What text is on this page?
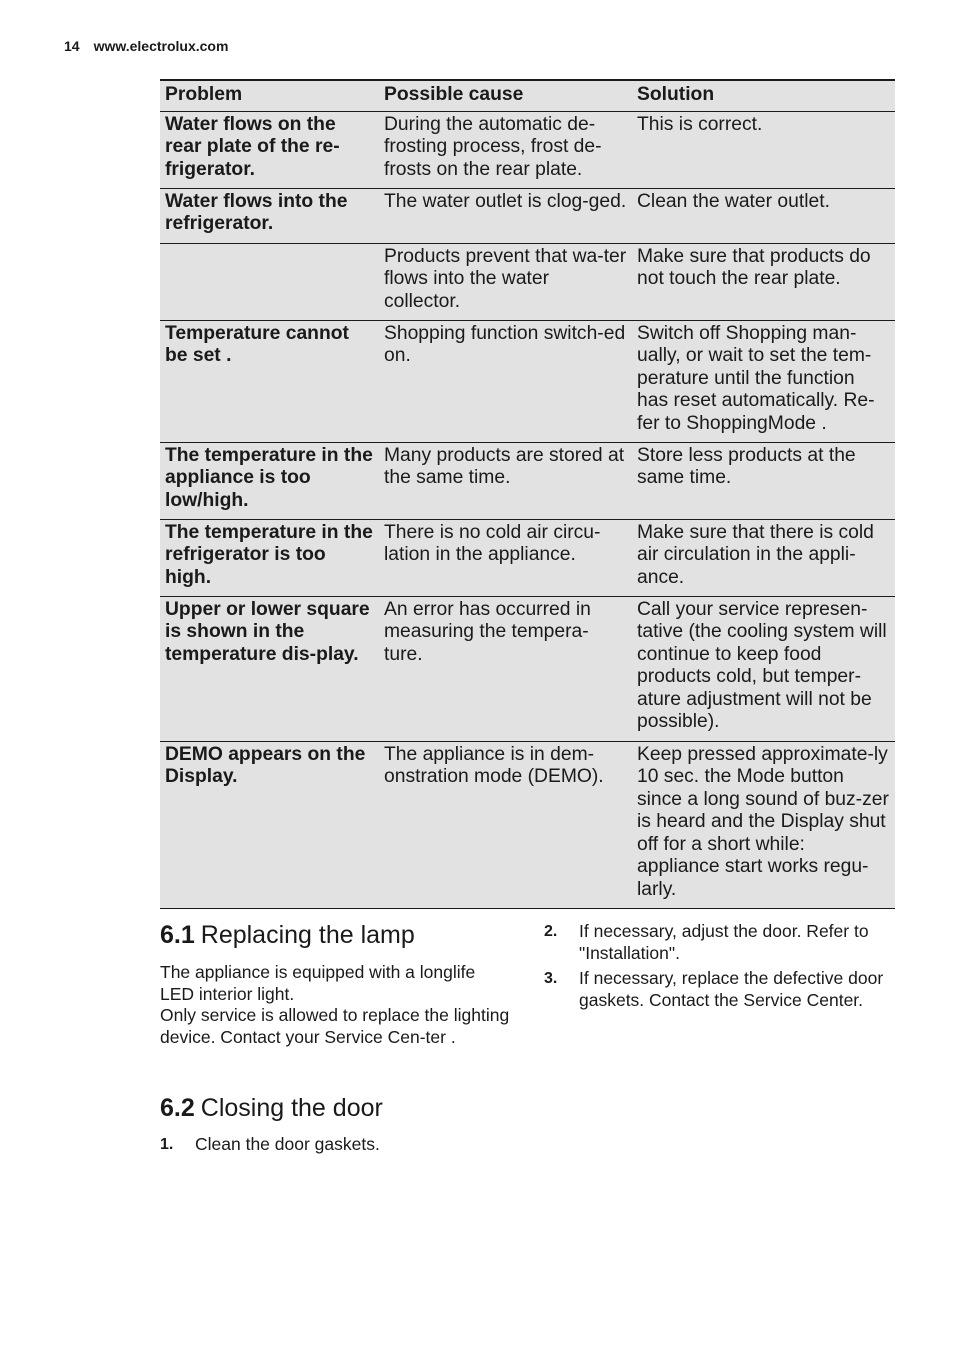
14 www.electrolux.com
Problem	Possible cause	Solution
Water flows on the rear plate of the re-frigerator.	During the automatic de-frosting process, frost de-frosts on the rear plate.	This is correct.
Water flows into the refrigerator.	The water outlet is clog-ged.	Clean the water outlet.
	Products prevent that wa-ter flows into the water collector.	Make sure that products do not touch the rear plate.
Temperature cannot be set .	Shopping function switch-ed on.	Switch off Shopping man-ually, or wait to set the tem-perature until the function has reset automatically. Re-fer to ShoppingMode .
The temperature in the appliance is too low/high.	Many products are stored at the same time.	Store less products at the same time.
The temperature in the refrigerator is too high.	There is no cold air circu-lation in the appliance.	Make sure that there is cold air circulation in the appli-ance.
Upper or lower square is shown in the temperature dis-play.	An error has occurred in measuring the tempera-ture.	Call your service represen-tative (the cooling system will continue to keep food products cold, but temper-ature adjustment will not be possible).
DEMO appears on the Display.	The appliance is in dem-onstration mode (DEMO).	Keep pressed approximate-ly 10 sec. the Mode button since a long sound of buz-zer is heard and the Display shut off for a short while: appliance start works regu-larly.
6.1 Replacing the lamp

The appliance is equipped with a longlife LED interior light.
Only service is allowed to replace the lighting device. Contact your Service Cen-ter .

6.2 Closing the door
1. Clean the door gaskets.
2. If necessary, adjust the door. Refer to "Installation".
3. If necessary, replace the defective door gaskets. Contact the Service Center.
